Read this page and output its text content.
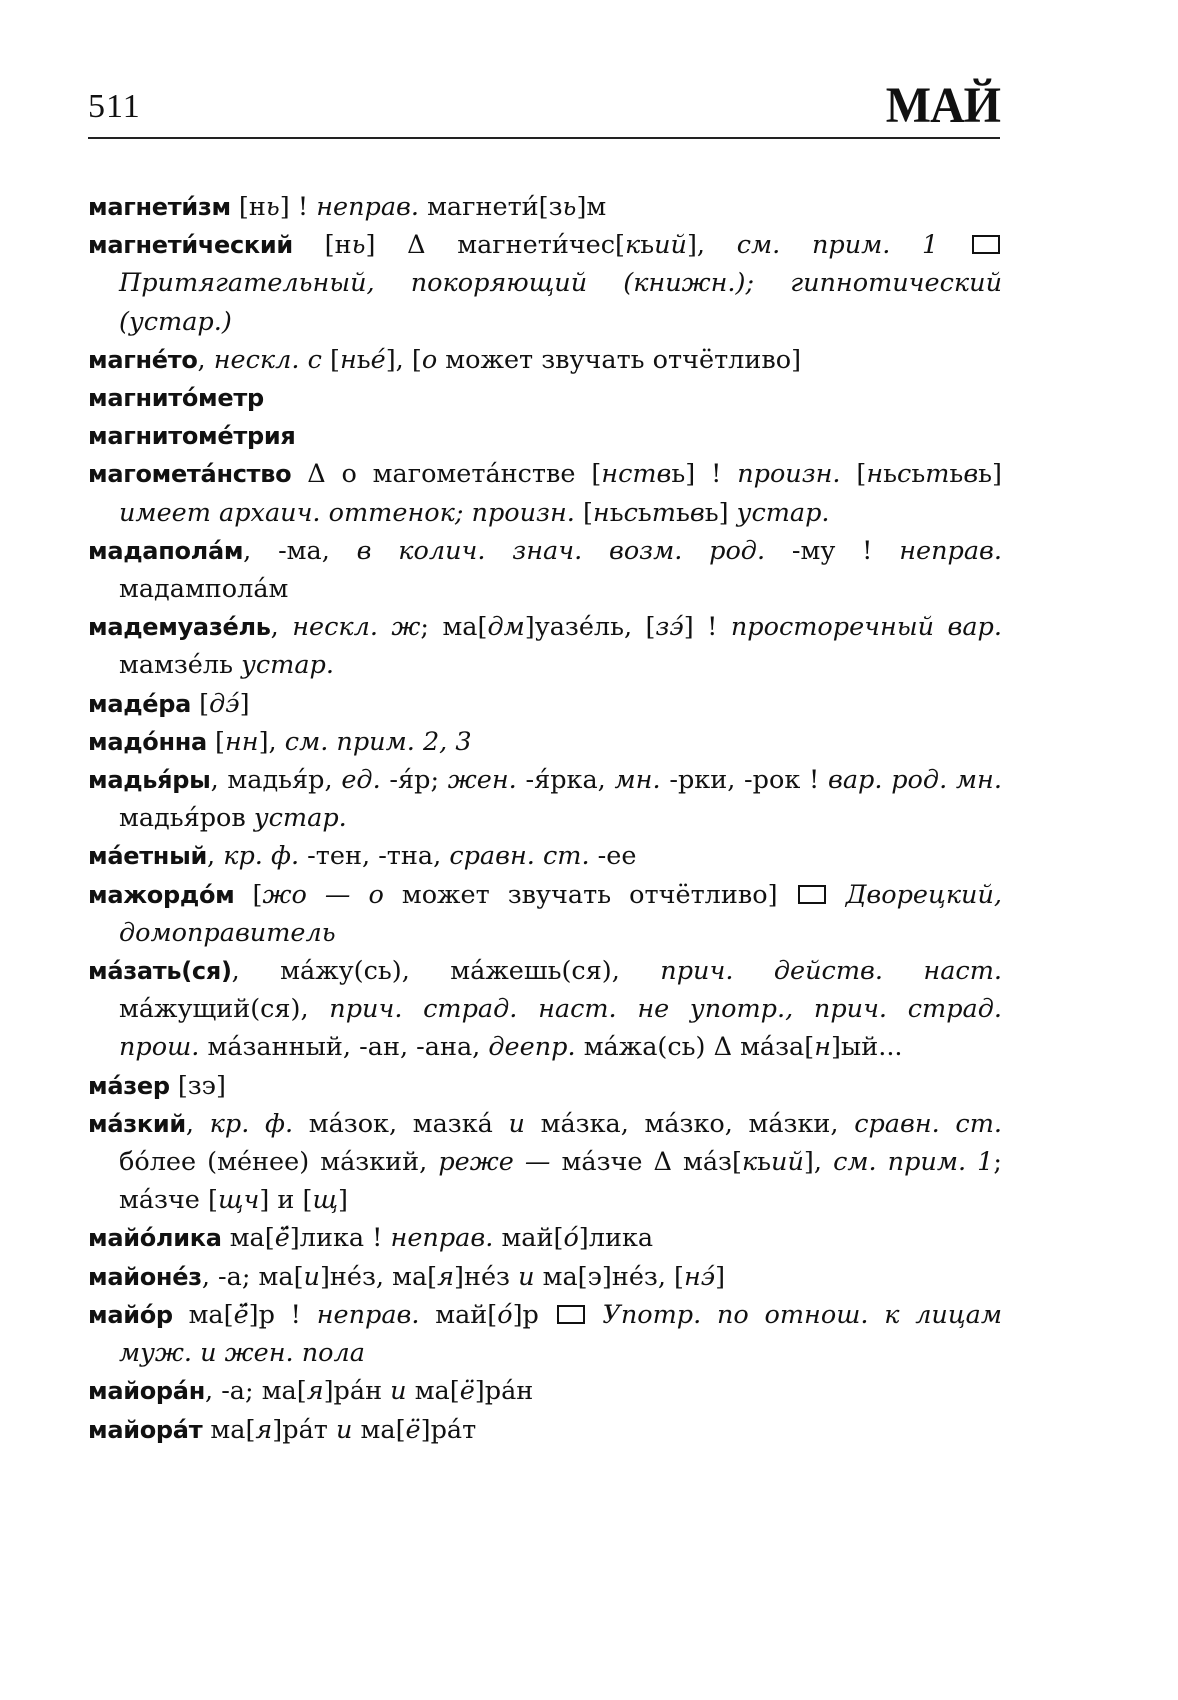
511	МАЙ

магнети́зм [нь] ! неправ. магнети́[зь]м

магнети́ческий [нь] Δ магнети́чес[кьий], см. прим. 1  Притягательный, покоряющий (книжн.); гипнотический (устар.)

магне́то, нескл. с [нье́], [о может звучать отчётливо]

магнито́метр

магнитоме́трия

магомета́нство Δ о магомета́нстве [нствь] ! произн. [ньсьтьвь] имеет архаич. оттенок; произн. [ньсьтьвь] устар.

мадапола́м, -ма, в колич. знач. возм. род. -му ! неправ. мадампола́м

мадемуазе́ль, нескл. ж; ма[дм]уазе́ль, [зэ́] ! просторечный вар. мамзе́ль устар.

маде́ра [дэ́]

мадо́нна [нн], см. прим. 2, 3

мадья́ры, мадья́р, ед. -я́р; жен. -я́рка, мн. -рки, -рок ! вар. род. мн. мадья́ров устар.

ма́етный, кр. ф. -тен, -тна, сравн. ст. -ее

мажордо́м [жо — о может звучать отчётливо]  Дворецкий, домоправитель

ма́зать(ся), ма́жу(сь), ма́жешь(ся), прич. действ. наст. ма́жущий(ся), прич. страд. наст. не употр., прич. страд. прош. ма́занный, -ан, -ана, деепр. ма́жа(сь) Δ ма́за[н]ый...

ма́зер [зэ]

ма́зкий, кр. ф. ма́зок, мазка́ и ма́зка, ма́зко, ма́зки, сравн. ст. бо́лее (ме́нее) ма́зкий, реже — ма́зче Δ ма́з[кьий], см. прим. 1; ма́зче [щч] и [щ]

майо́лика ма[ё́]лика ! неправ. май[о́]лика

майоне́з, -а; ма[и]не́з, ма[я]не́з и ма[э]не́з, [нэ́]

майо́р ма[ё́]р ! неправ. май[о́]р  Употр. по отнош. к лицам муж. и жен. пола

майора́н, -а; ма[я]ра́н и ма[ё]ра́н

майора́т ма[я]ра́т и ма[ё]ра́т
